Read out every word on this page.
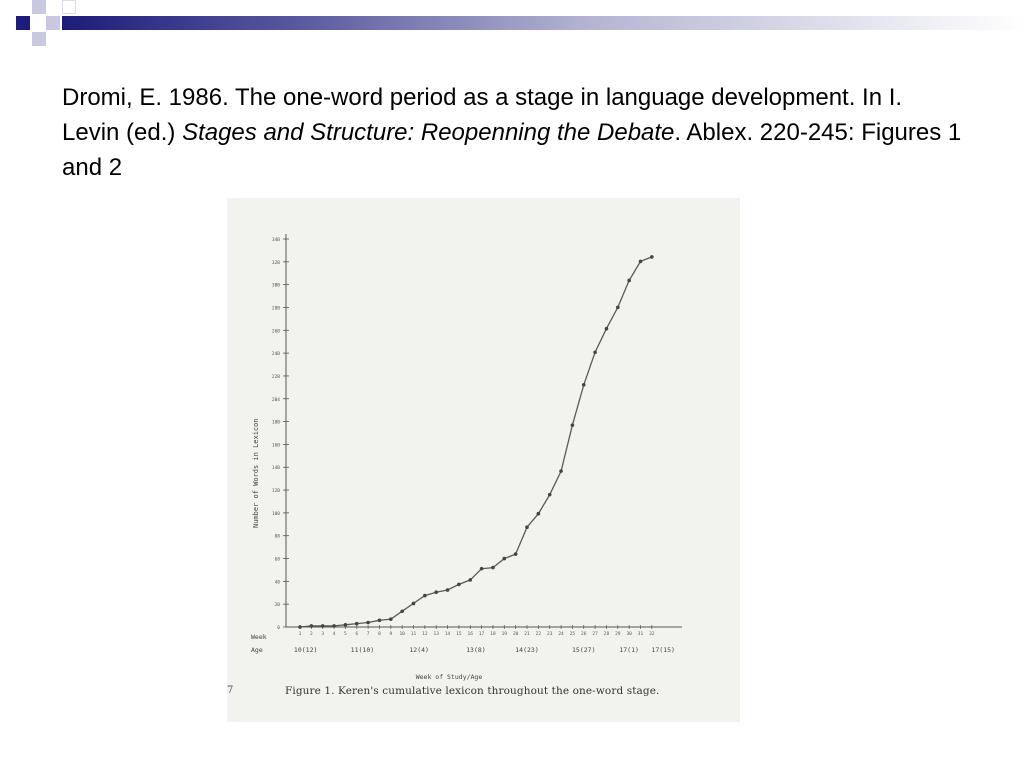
Dromi, E. 1986. The one-word period as a stage in language development. In I. Levin (ed.) Stages and Structure: Reopenning the Debate. Ablex. 220-245: Figures 1 and 2
0
2B
48
68
88
100
12B
14B
16B
18B
2B4
22B
24B
26B
28B
3BB
32B
34B
1 2 3 4 5 6 7 8 9 10 11 12 13 14 15 16 17 18 19 20 21 22 23 24 25 26 27 28 29 30 31 32
10(12)	11(10)	12(4)	13(8)	14(23)	15(27)	17(1) 17(15)
Number of Words in Lexicon
Week of Study/Age
Week
Age
7	Figure 1. Keren's cumulative lexicon throughout the one-word stage.
